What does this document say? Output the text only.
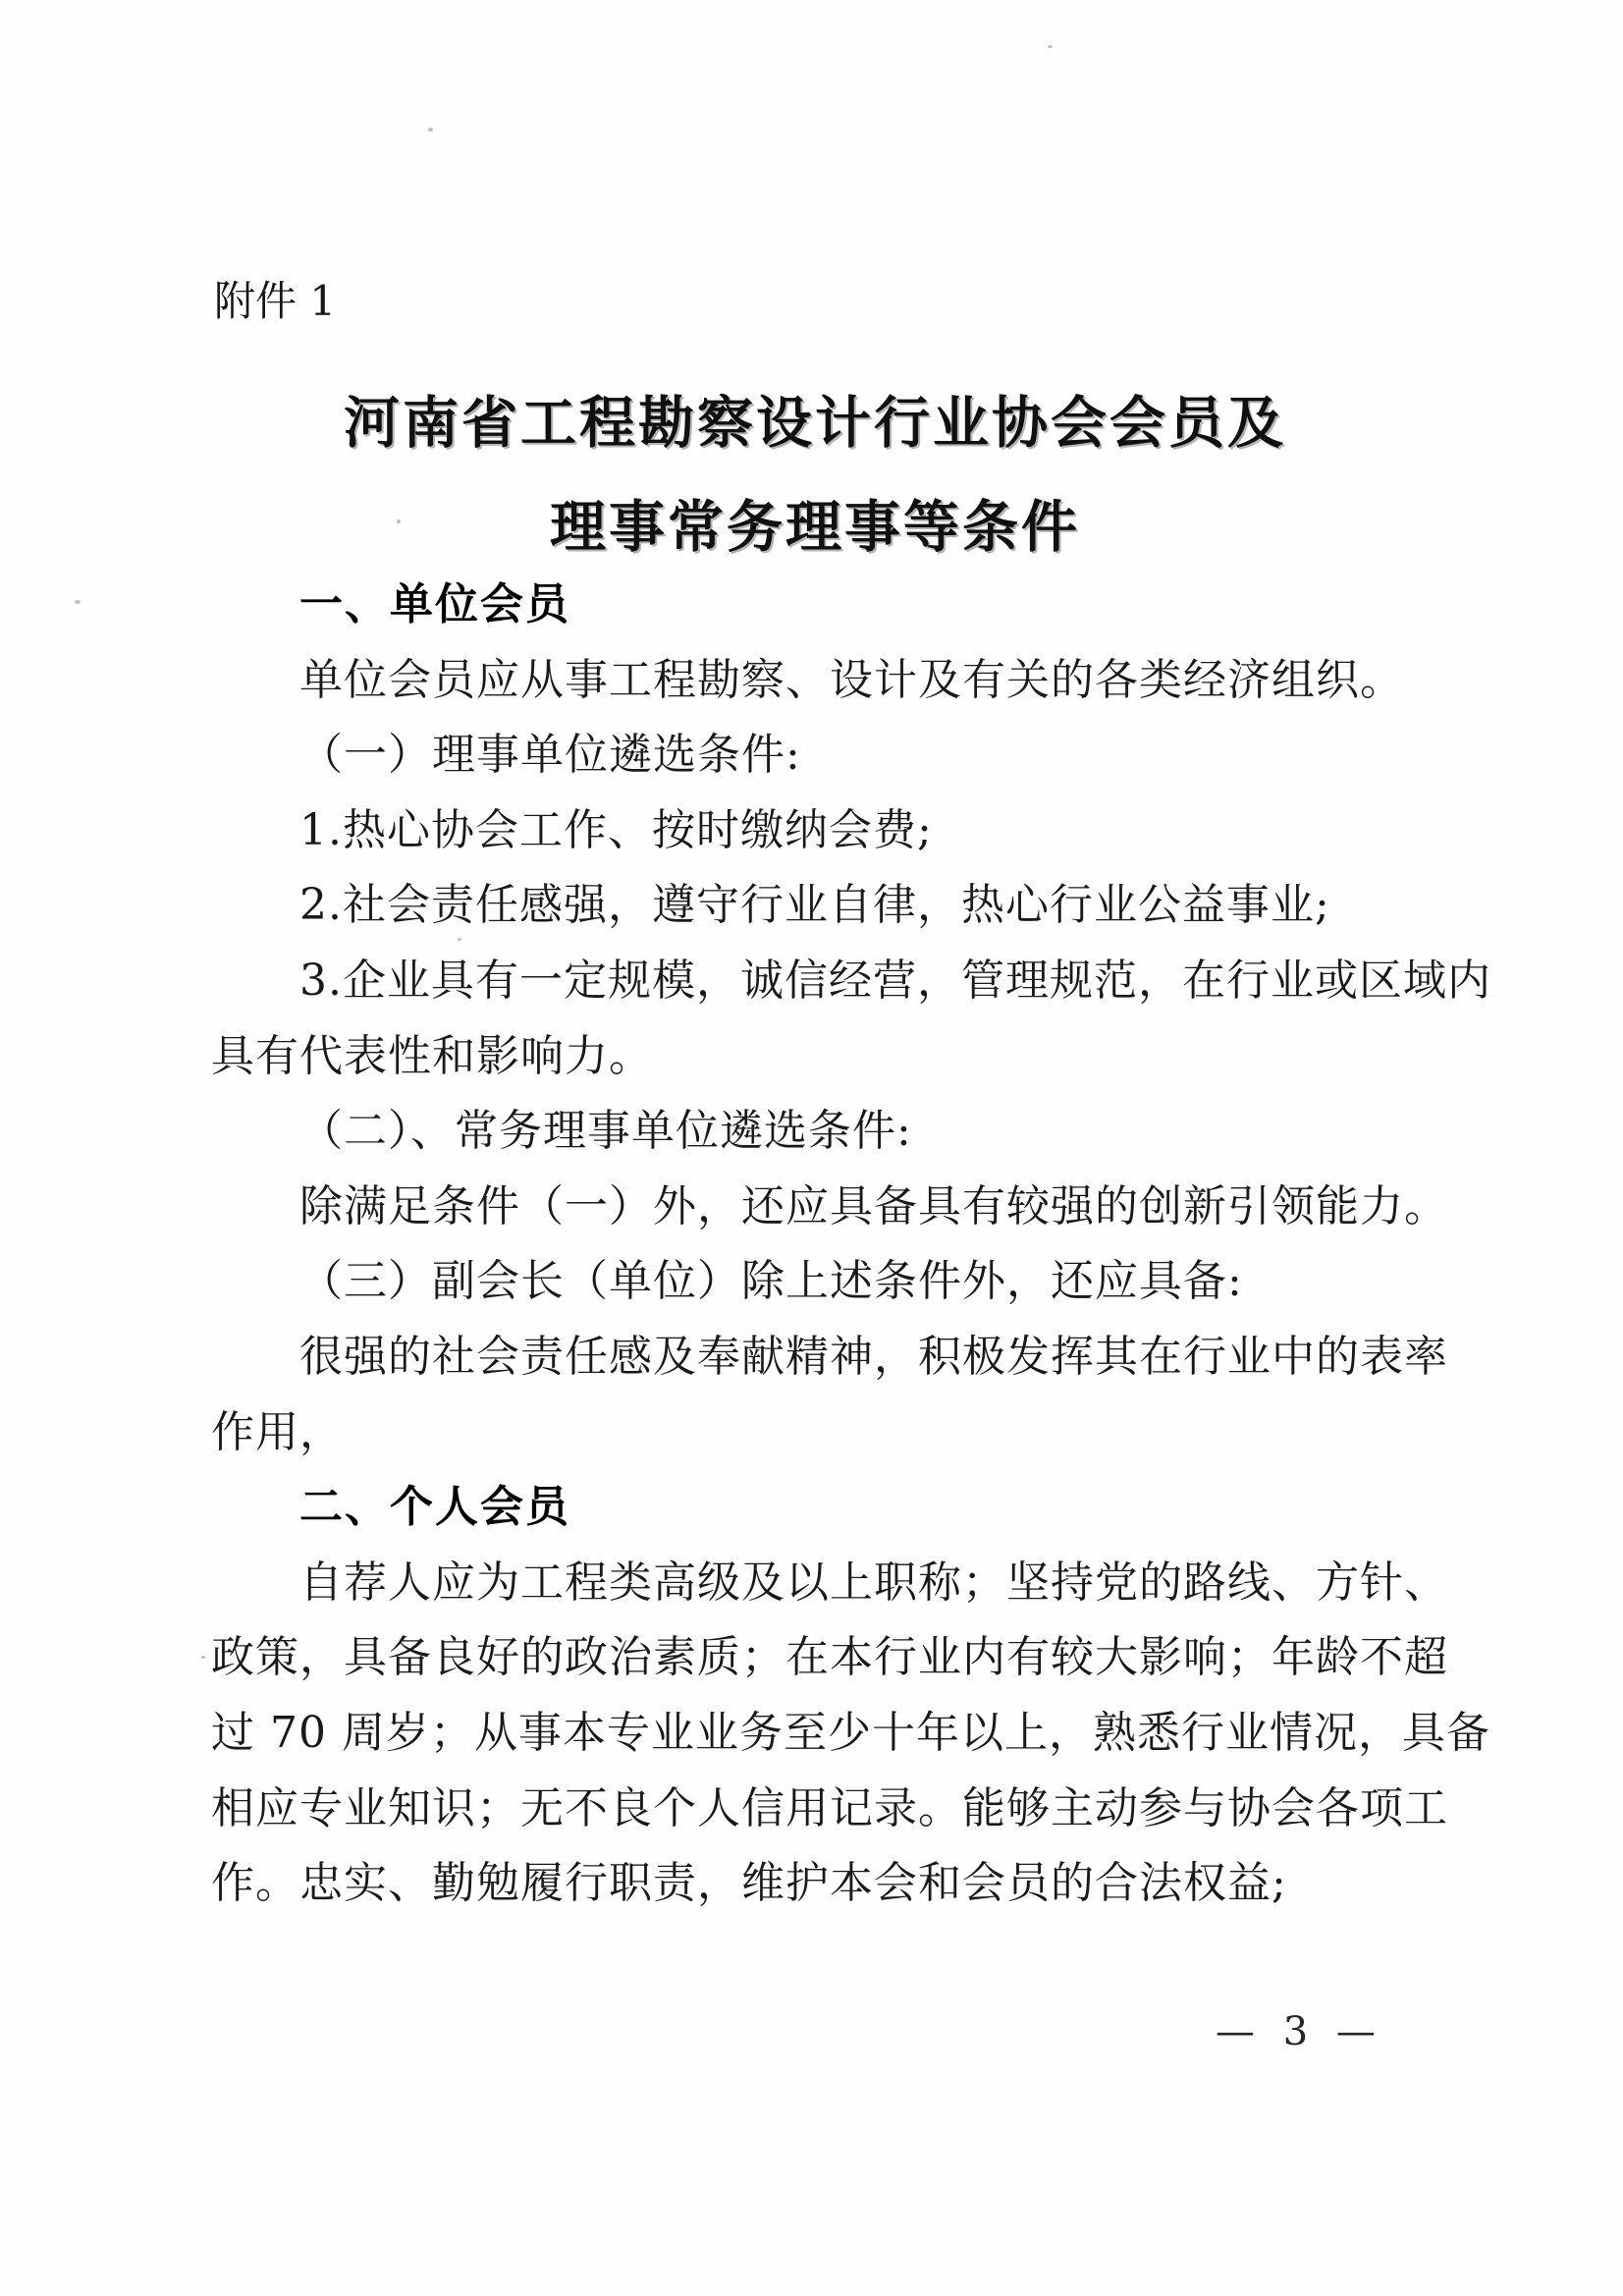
附件 1
河南省工程勘察设计行业协会会员及
理事常务理事等条件
一、单位会员
单位会员应从事工程勘察、设计及有关的各类经济组织。
（一）理事单位遴选条件:
1.热心协会工作、按时缴纳会费;
2.社会责任感强，遵守行业自律，热心行业公益事业;
3.企业具有一定规模，诚信经营，管理规范，在行业或区域内
具有代表性和影响力。
（二）、常务理事单位遴选条件:
除满足条件（一）外，还应具备具有较强的创新引领能力。
（三）副会长（单位）除上述条件外，还应具备:
很强的社会责任感及奉献精神，积极发挥其在行业中的表率
作用，
二、个人会员
自荐人应为工程类高级及以上职称；坚持党的路线、方针、
政策，具备良好的政治素质；在本行业内有较大影响；年龄不超
过 70 周岁；从事本专业业务至少十年以上，熟悉行业情况，具备
相应专业知识；无不良个人信用记录。能够主动参与协会各项工
作。忠实、勤勉履行职责，维护本会和会员的合法权益;
— 3 —
